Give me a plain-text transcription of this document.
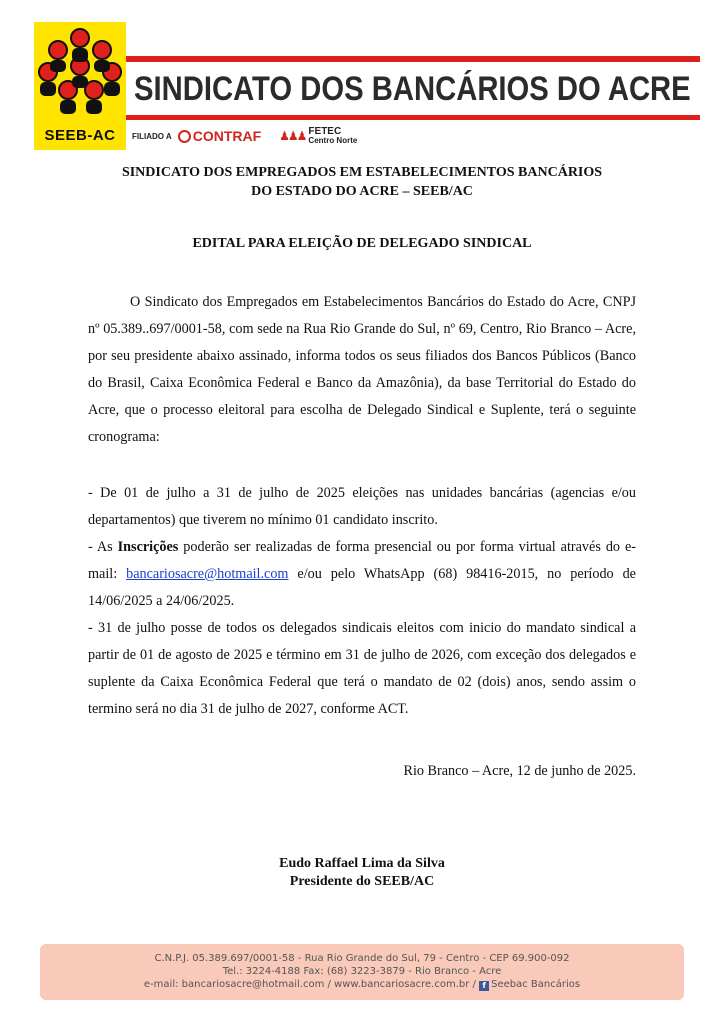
SEEB-AC
SINDICATO DOS BANCÁRIOS DO ACRE
FILIADO A CONTRAF ♟♟♟ FETEC
Centro Norte
SINDICATO DOS EMPREGADOS EM ESTABELECIMENTOS BANCÁRIOS
DO ESTADO DO ACRE – SEEB/AC
EDITAL PARA ELEIÇÃO DE DELEGADO SINDICAL
O Sindicato dos Empregados em Estabelecimentos Bancários do Estado do Acre, CNPJ nº 05.389..697/0001-58, com sede na Rua Rio Grande do Sul, nº 69, Centro, Rio Branco – Acre, por seu presidente abaixo assinado, informa todos os seus filiados dos Bancos Públicos (Banco do Brasil, Caixa Econômica Federal e Banco da Amazônia), da base Territorial do Estado do Acre, que o processo eleitoral para escolha de Delegado Sindical e Suplente, terá o seguinte cronograma:
- De 01 de julho a 31 de julho de 2025 eleições nas unidades bancárias (agencias e/ou departamentos) que tiverem no mínimo 01 candidato inscrito.
- As Inscrições poderão ser realizadas de forma presencial ou por forma virtual através do e-mail: bancariosacre@hotmail.com e/ou pelo WhatsApp (68) 98416-2015, no período de 14/06/2025 a 24/06/2025.
- 31 de julho posse de todos os delegados sindicais eleitos com inicio do mandato sindical a partir de 01 de agosto de 2025 e término em 31 de julho de 2026, com exceção dos delegados e suplente da Caixa Econômica Federal que terá o mandato de 02 (dois) anos, sendo assim o termino será no dia 31 de julho de 2027, conforme ACT.
Rio Branco – Acre, 12 de junho de 2025.
Eudo Raffael Lima da Silva
Presidente do SEEB/AC
C.N.P.J. 05.389.697/0001-58 - Rua Rio Grande do Sul, 79 - Centro - CEP 69.900-092
Tel.: 3224-4188 Fax: (68) 3223-3879 - Rio Branco - Acre
e-mail: bancariosacre@hotmail.com / www.bancariosacre.com.br / f Seebac Bancários
